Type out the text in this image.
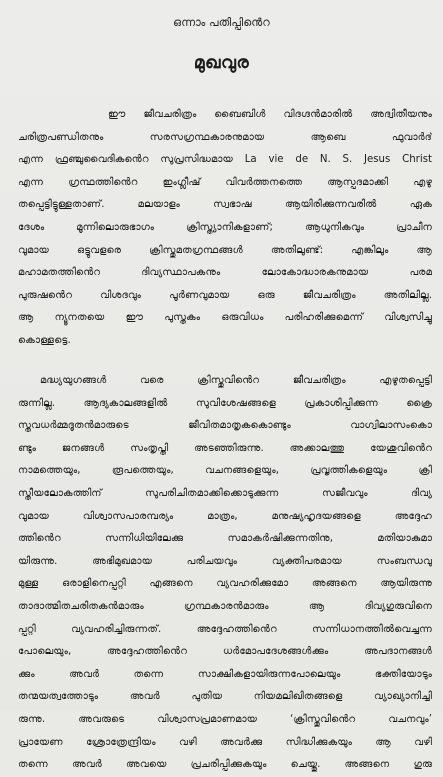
ഒന്നാം പതിപ്പിൻെറ
മുഖവുര
ഈ ജീവചരിത്രം ബൈബിൾ വിദഗ്ദൻമാരിൽ അദ്വിതീയനും
ചരിത്രപണ്ഡിതനും സരസഗ്രന്ഥകാരനുമായ ആബെ ഫുവാർദ്
എന്ന ഫ്രഞ്ചുവൈദികൻെറ സുപ്രസിദ്ധമായ La vie de N. S. Jesus Christ
എന്ന ഗ്രന്ഥത്തിൻെറ ഇംഗ്ലീഷ് വിവർത്തനത്തെ ആസ്പദമാക്കി എഴു
തപ്പെട്ടിട്ടുള്ളതാണ്. മലയാളം സ്വഭാഷ ആയിരിക്കുന്നവരിൽ ഏക
ദേശം മൂന്നിലൊരുഭാഗം ക്രിസ്ത്യാനികളാണ്; ആധുനികവും പ്രാചീന
വുമായ ഒട്ടുവളരെ ക്രിസ്തുമതഗ്രന്ഥങ്ങൾ അതിലുണ്ട്: എങ്കിലും ആ
മഹാമതത്തിൻെറ ദിവ്യസ്ഥാപകനും ലോകോദ്ധാരകനുമായ പരമ
പുരുഷൻെറ വിശദവും പൂർണവുമായ ഒരു ജീവചരിത്രം അതിലില്ല.
ആ ന്യൂനതയെ ഈ പുസ്തകം ഒരുവിധം പരിഹരിക്കുമെന്ന് വിശ്വസിച്ചു
കൊള്ളട്ടെ.
മദ്ധ്യയുഗങ്ങൾ വരെ ക്രിസ്തുവിൻെറ ജീവചരിത്രം എഴുതപ്പെട്ടി
രുന്നില്ല. ആദ്യകാലങ്ങളിൽ സുവിശേഷങ്ങളെ പ്രകാശിപ്പിക്കുന്ന ക്രൈ
സ്തവധർമ്മദൂതൻമാരുടെ ജീവിതമാതൃകകൊണ്ടും വാഗ്വിലാസംകൊ
ണ്ടും ജനങ്ങൾ സംതൃപ്തി അടഞ്ഞിരുന്നു. അക്കാലത്തു യേശുവിൻെറ
നാമത്തെയും, രൂപത്തെയും, വചനങ്ങളെയും, പ്രവൃത്തികളെയും ക്രി
സ്തീയലോകത്തിന് സുപരിചിതമാക്കിക്കൊടുക്കുന്ന സജീവവും ദിവ്യ
വുമായ വിശ്വാസപാരമ്പര്യം മാത്രം, മനുഷ്യഹൃദയങ്ങളെ അദ്ദേഹ
ത്തിൻെറ സന്നിധിയിലേക്കു സമാകർഷിക്കുന്നതിനു, മതിയാകുമാ
യിരുന്നു. അഭിമുഖമായ പരിചയവും വ്യക്തിപരമായ സംബന്ധവു
മുള്ള ഒരാളിനെപ്പറ്റി എങ്ങനെ വ്യവഹരിക്കുമോ അങ്ങനെ ആയിരുന്നു
താദാത്മിതചരിതകൻമാരും ഗ്രന്ഥകാരൻമാരും ആ ദിവ്യഗുരുവിനെ
പ്പറ്റി വ്യവഹരിച്ചിരുന്നത്. അദ്ദേഹത്തിൻെറ സന്നിധാനത്തിൽവെച്ചന്ന
പോലെയും, അദ്ദേഹത്തിൻെറ ധർമോപദേശങ്ങൾക്കും അപദാനങ്ങൾ
ക്കും അവർ തന്നെ സാക്ഷികളായിരുന്നപോലെയും ഭക്തിയോടും
തന്മയത്വത്തോടും അവർ പുതിയ നിയമലിഖിതങ്ങളെ വ്യാഖ്യാനിച്ചി
രുന്നു. അവരുടെ വിശ്വാസപ്രമാണമായ ‘ക്രിസ്തുവിൻെറ വചനവും’
പ്രായേണ ശ്രോത്രേന്ദ്രിയം വഴി അവർക്കു സിദ്ധിക്കുകയും ആ വഴി
തന്നെ അവർ അവയെ പ്രചരിപ്പിക്കുകയും ചെയ്തു. അങ്ങനെ ഗുരു
